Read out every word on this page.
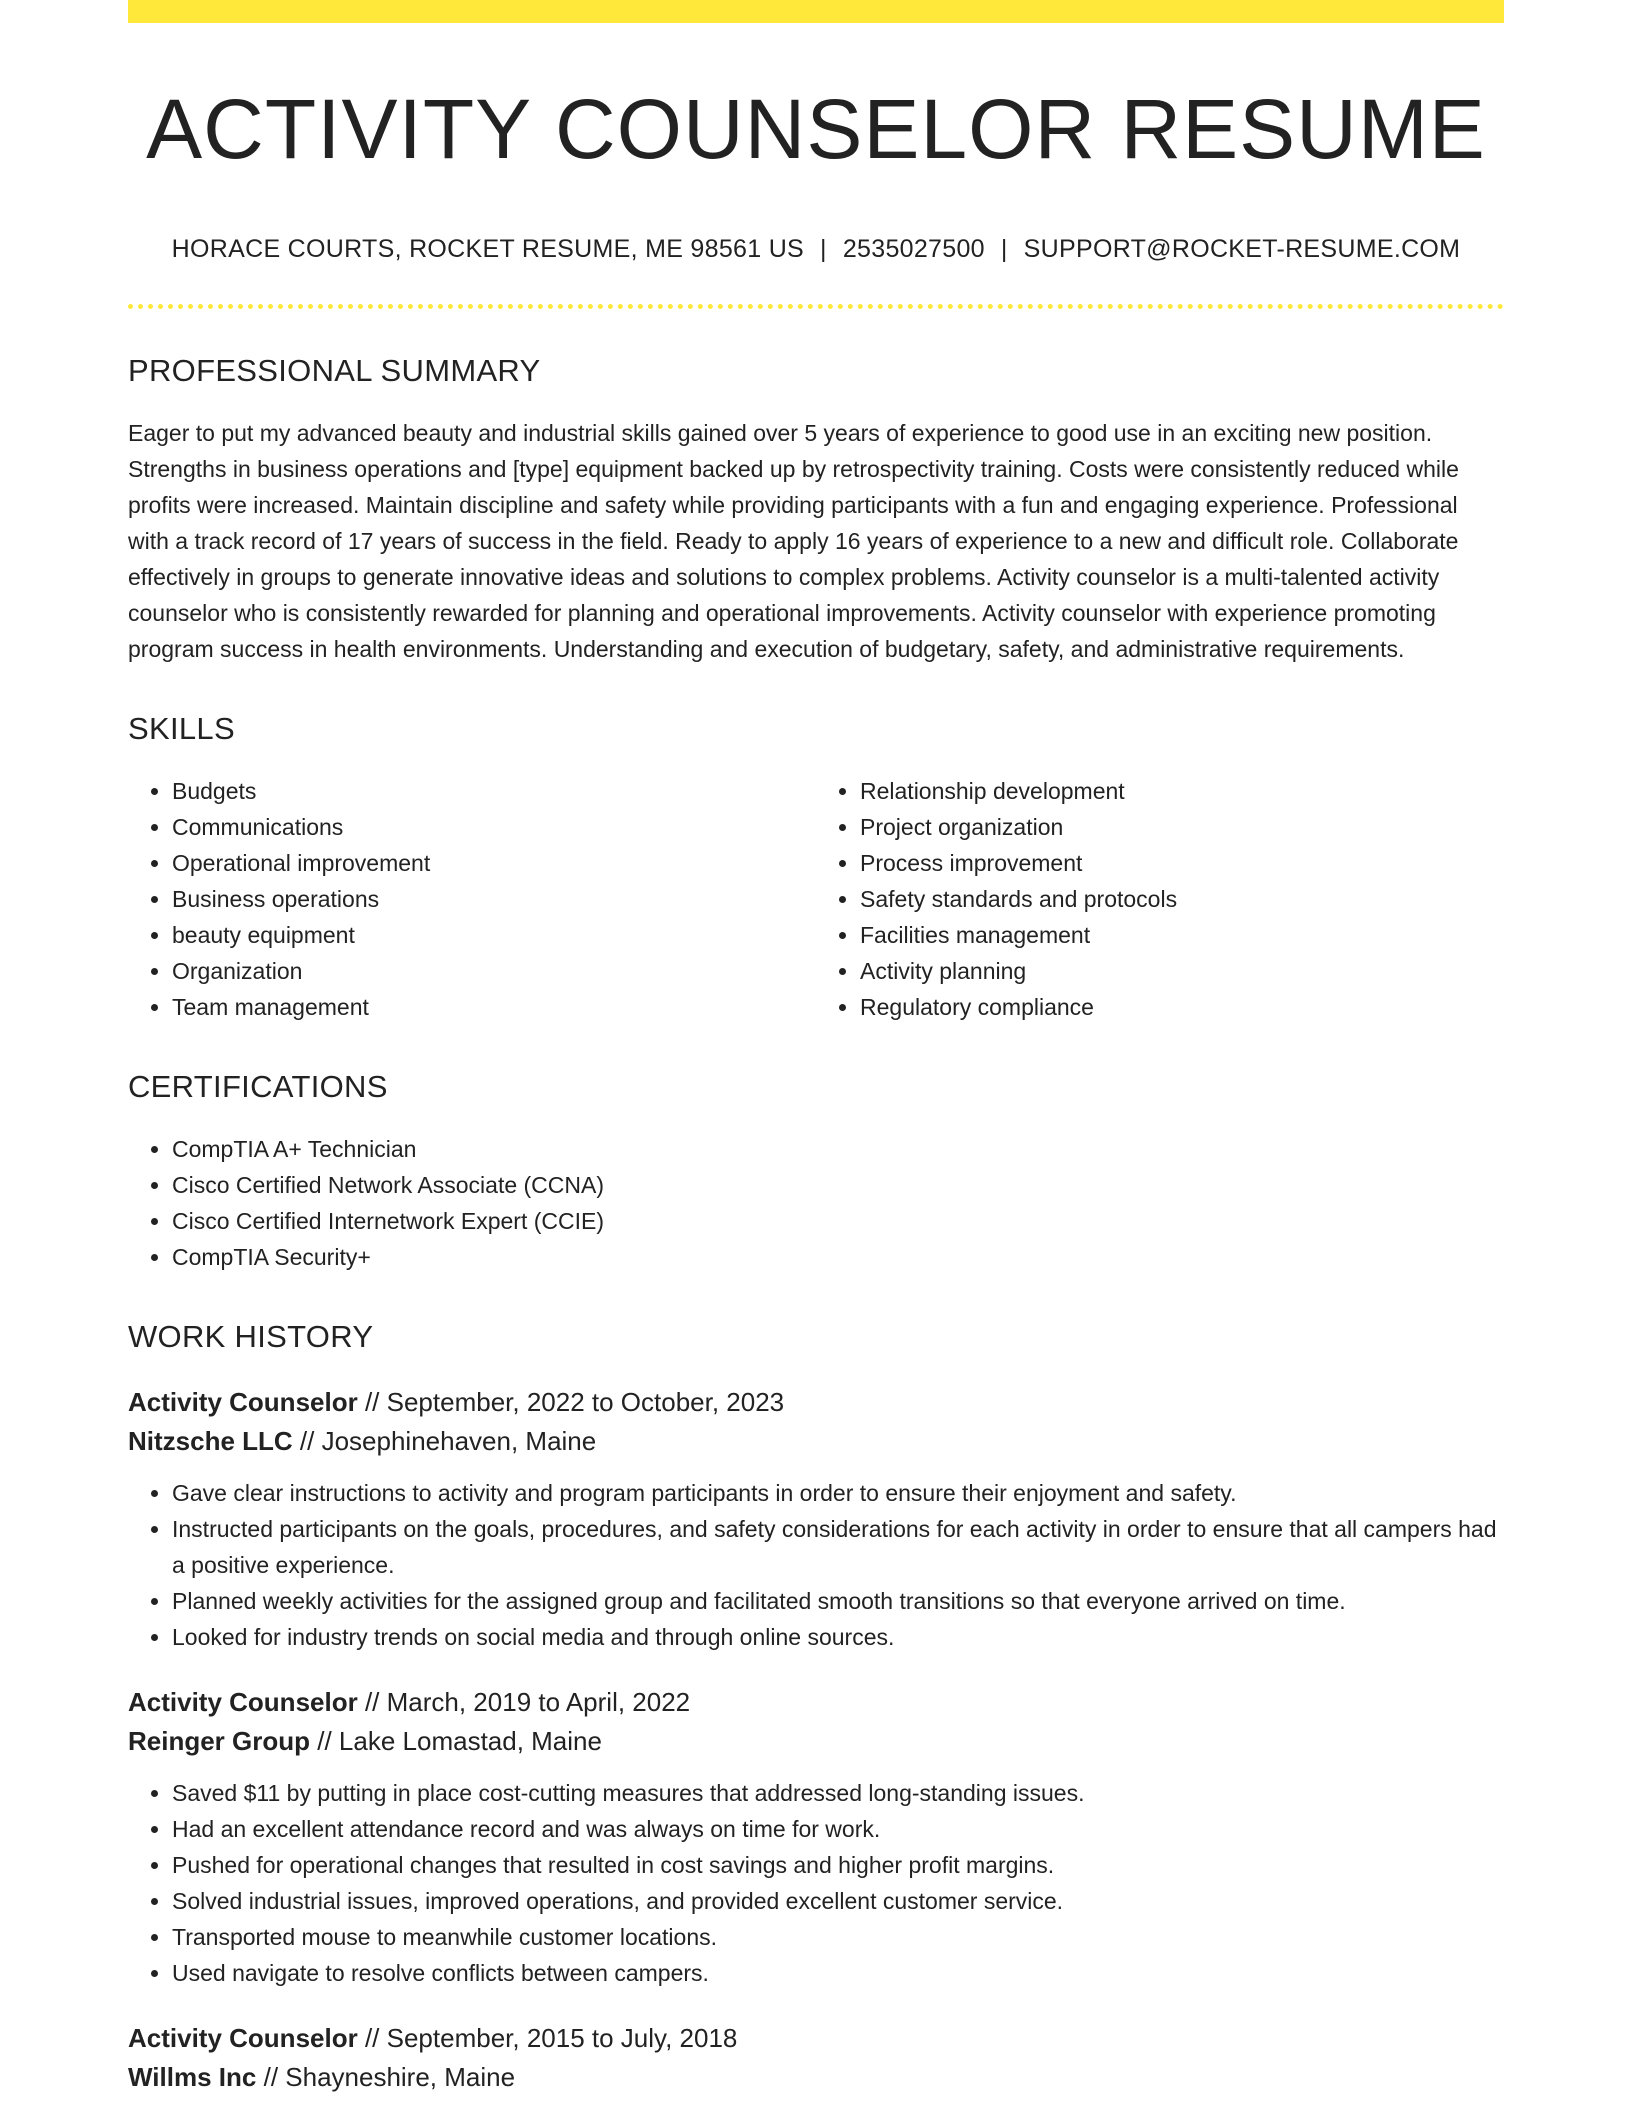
ACTIVITY COUNSELOR RESUME
HORACE COURTS, ROCKET RESUME, ME 98561 US | 2535027500 | SUPPORT@ROCKET-RESUME.COM
PROFESSIONAL SUMMARY
Eager to put my advanced beauty and industrial skills gained over 5 years of experience to good use in an exciting new position. Strengths in business operations and [type] equipment backed up by retrospectivity training. Costs were consistently reduced while profits were increased. Maintain discipline and safety while providing participants with a fun and engaging experience. Professional with a track record of 17 years of success in the field. Ready to apply 16 years of experience to a new and difficult role. Collaborate effectively in groups to generate innovative ideas and solutions to complex problems. Activity counselor is a multi-talented activity counselor who is consistently rewarded for planning and operational improvements. Activity counselor with experience promoting program success in health environments. Understanding and execution of budgetary, safety, and administrative requirements.
SKILLS
• Budgets
• Communications
• Operational improvement
• Business operations
• beauty equipment
• Organization
• Team management
• Relationship development
• Project organization
• Process improvement
• Safety standards and protocols
• Facilities management
• Activity planning
• Regulatory compliance
CERTIFICATIONS
• CompTIA A+ Technician
• Cisco Certified Network Associate (CCNA)
• Cisco Certified Internetwork Expert (CCIE)
• CompTIA Security+
WORK HISTORY
Activity Counselor // September, 2022 to October, 2023
Nitzsche LLC // Josephinehaven, Maine
• Gave clear instructions to activity and program participants in order to ensure their enjoyment and safety.
• Instructed participants on the goals, procedures, and safety considerations for each activity in order to ensure that all campers had a positive experience.
• Planned weekly activities for the assigned group and facilitated smooth transitions so that everyone arrived on time.
• Looked for industry trends on social media and through online sources.
Activity Counselor // March, 2019 to April, 2022
Reinger Group // Lake Lomastad, Maine
• Saved $11 by putting in place cost-cutting measures that addressed long-standing issues.
• Had an excellent attendance record and was always on time for work.
• Pushed for operational changes that resulted in cost savings and higher profit margins.
• Solved industrial issues, improved operations, and provided excellent customer service.
• Transported mouse to meanwhile customer locations.
• Used navigate to resolve conflicts between campers.
Activity Counselor // September, 2015 to July, 2018
Willms Inc // Shayneshire, Maine
